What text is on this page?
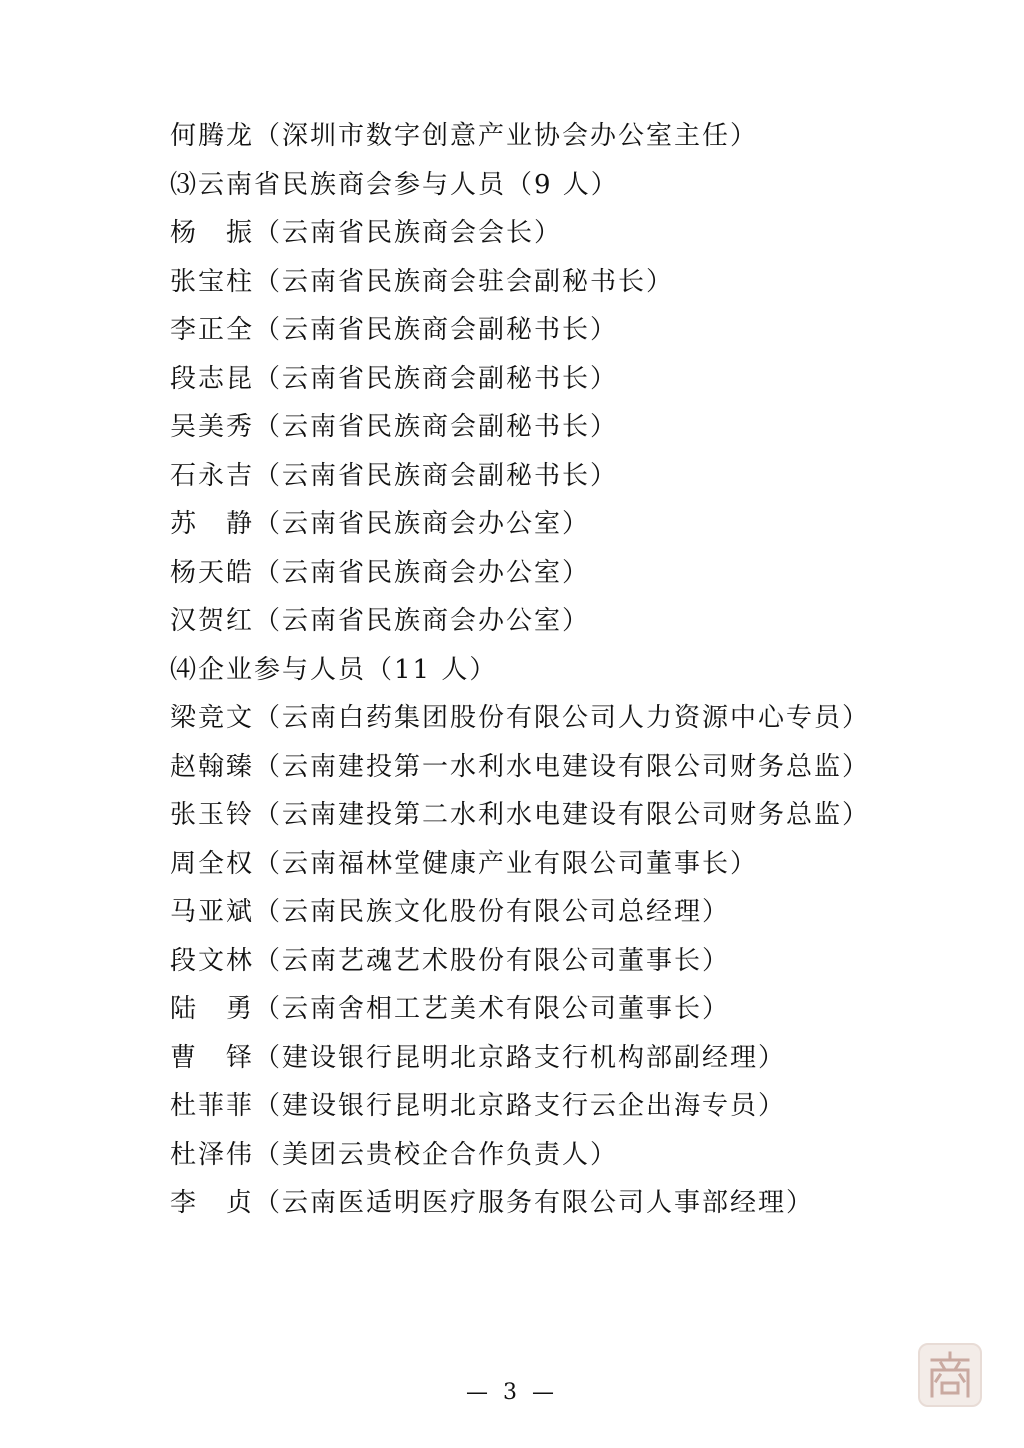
何腾龙（深圳市数字创意产业协会办公室主任）
⑶云南省民族商会参与人员（9 人）
杨　振（云南省民族商会会长）
张宝柱（云南省民族商会驻会副秘书长）
李正全（云南省民族商会副秘书长）
段志昆（云南省民族商会副秘书长）
吴美秀（云南省民族商会副秘书长）
石永吉（云南省民族商会副秘书长）
苏　静（云南省民族商会办公室）
杨天皓（云南省民族商会办公室）
汉贺红（云南省民族商会办公室）
⑷企业参与人员（11 人）
梁竞文（云南白药集团股份有限公司人力资源中心专员）
赵翰臻（云南建投第一水利水电建设有限公司财务总监）
张玉铃（云南建投第二水利水电建设有限公司财务总监）
周全权（云南福林堂健康产业有限公司董事长）
马亚斌（云南民族文化股份有限公司总经理）
段文林（云南艺魂艺术股份有限公司董事长）
陆　勇（云南舍相工艺美术有限公司董事长）
曹　铎（建设银行昆明北京路支行机构部副经理）
杜菲菲（建设银行昆明北京路支行云企出海专员）
杜泽伟（美团云贵校企合作负责人）
李　贞（云南医适明医疗服务有限公司人事部经理）
— 3 —
